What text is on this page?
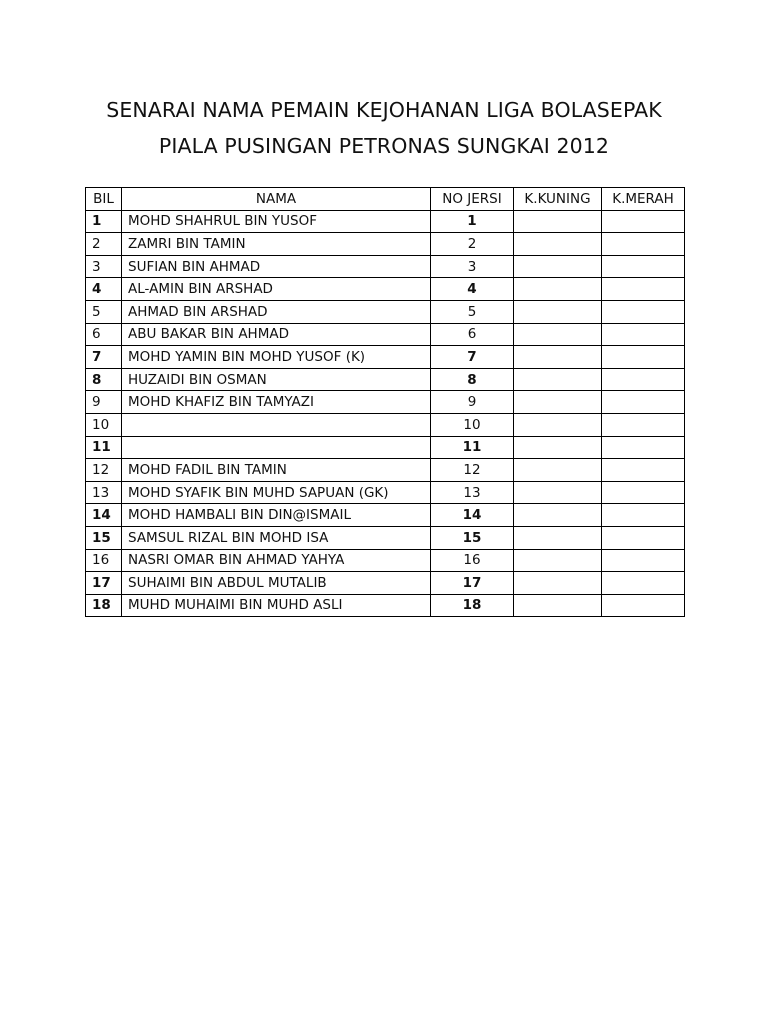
SENARAI NAMA PEMAIN KEJOHANAN LIGA BOLASEPAK
PIALA PUSINGAN PETRONAS SUNGKAI 2012
BIL	NAMA	NO JERSI	K.KUNING	K.MERAH
1	MOHD SHAHRUL BIN YUSOF	1		
2	ZAMRI BIN TAMIN	2		
3	SUFIAN BIN AHMAD	3		
4	AL-AMIN BIN ARSHAD	4		
5	AHMAD BIN ARSHAD	5		
6	ABU BAKAR BIN AHMAD	6		
7	MOHD YAMIN BIN MOHD YUSOF (K)	7		
8	HUZAIDI BIN OSMAN	8		
9	MOHD KHAFIZ BIN TAMYAZI	9		
10		10		
11		11		
12	MOHD FADIL BIN TAMIN	12		
13	MOHD SYAFIK BIN MUHD SAPUAN (GK)	13		
14	MOHD HAMBALI BIN DIN@ISMAIL	14		
15	SAMSUL RIZAL BIN MOHD ISA	15		
16	NASRI OMAR BIN AHMAD YAHYA	16		
17	SUHAIMI BIN ABDUL MUTALIB	17		
18	MUHD MUHAIMI BIN MUHD ASLI	18		
